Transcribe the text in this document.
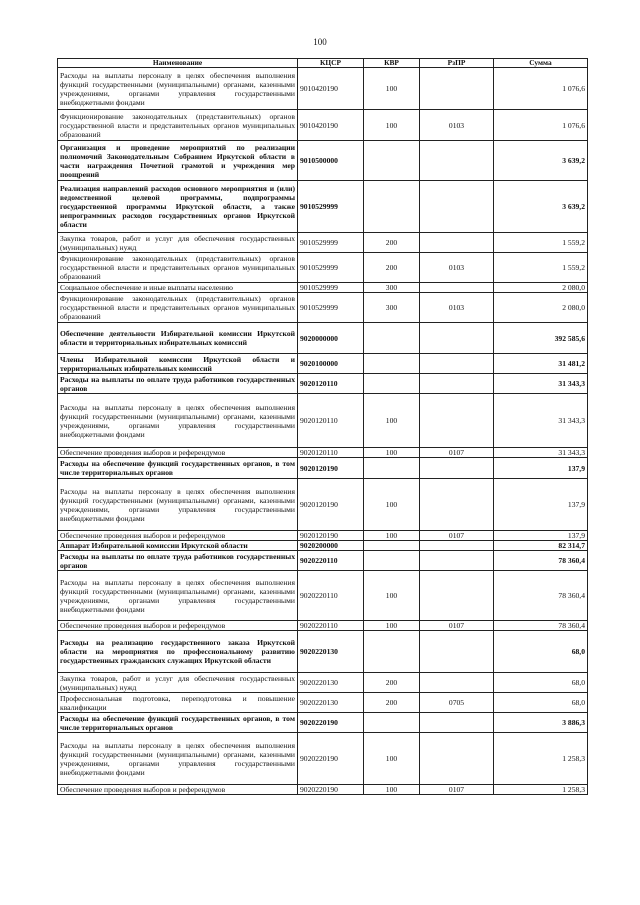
100
Наименование	КЦСР	КВР	РзПР	Сумма
Расходы на выплаты персоналу в целях обеспечения выполнения функций государственными (муниципальными) органами, казенными учреждениями, органами управления государственными внебюджетными фондами	9010420190	100		1 076,6
Функционирование законодательных (представительных) органов государственной власти и представительных органов муниципальных образований	9010420190	100	0103	1 076,6
Организация и проведение мероприятий по реализации полномочий Законодательным Собранием Иркутской области в части награждения Почетной грамотой и учреждения мер поощрений	9010500000			3 639,2
Реализация направлений расходов основного мероприятия и (или) ведомственной целевой программы, подпрограммы государственной программы Иркутской области, а также непрограммных расходов государственных органов Иркутской области	9010529999			3 639,2
Закупка товаров, работ и услуг для обеспечения государственных (муниципальных) нужд	9010529999	200		1 559,2
Функционирование законодательных (представительных) органов государственной власти и представительных органов муниципальных образований	9010529999	200	0103	1 559,2
Социальное обеспечение и иные выплаты населению	9010529999	300		2 080,0
Функционирование законодательных (представительных) органов государственной власти и представительных органов муниципальных образований	9010529999	300	0103	2 080,0
Обеспечение деятельности Избирательной комиссии Иркутской области и территориальных избирательных комиссий	9020000000			392 585,6
Члены Избирательной комиссии Иркутской области и территориальных избирательных комиссий	9020100000			31 481,2
Расходы на выплаты по оплате труда работников государственных органов	9020120110			31 343,3
Расходы на выплаты персоналу в целях обеспечения выполнения функций государственными (муниципальными) органами, казенными учреждениями, органами управления государственными внебюджетными фондами	9020120110	100		31 343,3
Обеспечение проведения выборов и референдумов	9020120110	100	0107	31 343,3
Расходы на обеспечение функций государственных органов, в том числе территориальных органов	9020120190			137,9
Расходы на выплаты персоналу в целях обеспечения выполнения функций государственными (муниципальными) органами, казенными учреждениями, органами управления государственными внебюджетными фондами	9020120190	100		137,9
Обеспечение проведения выборов и референдумов	9020120190	100	0107	137,9
Аппарат Избирательной комиссии Иркутской области	9020200000			82 314,7
Расходы на выплаты по оплате труда работников государственных органов	9020220110			78 360,4
Расходы на выплаты персоналу в целях обеспечения выполнения функций государственными (муниципальными) органами, казенными учреждениями, органами управления государственными внебюджетными фондами	9020220110	100		78 360,4
Обеспечение проведения выборов и референдумов	9020220110	100	0107	78 360,4
Расходы на реализацию государственного заказа Иркутской области на мероприятия по профессиональному развитию государственных гражданских служащих Иркутской области	9020220130			68,0
Закупка товаров, работ и услуг для обеспечения государственных (муниципальных) нужд	9020220130	200		68,0
Профессиональная подготовка, переподготовка и повышение квалификации	9020220130	200	0705	68,0
Расходы на обеспечение функций государственных органов, в том числе территориальных органов	9020220190			3 886,3
Расходы на выплаты персоналу в целях обеспечения выполнения функций государственными (муниципальными) органами, казенными учреждениями, органами управления государственными внебюджетными фондами	9020220190	100		1 258,3
Обеспечение проведения выборов и референдумов	9020220190	100	0107	1 258,3
